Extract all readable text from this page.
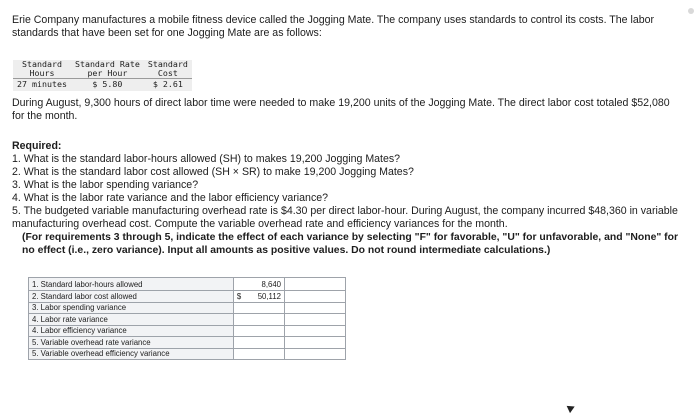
Erie Company manufactures a mobile fitness device called the Jogging Mate. The company uses standards to control its costs. The labor standards that have been set for one Jogging Mate are as follows:
Standard	Standard Rate	Standard
Hours	per Hour	Cost
27 minutes	$ 5.80	$ 2.61
During August, 9,300 hours of direct labor time were needed to make 19,200 units of the Jogging Mate. The direct labor cost totaled $52,080 for the month.
Required:
1. What is the standard labor-hours allowed (SH) to makes 19,200 Jogging Mates?
2. What is the standard labor cost allowed (SH × SR) to make 19,200 Jogging Mates?
3. What is the labor spending variance?
4. What is the labor rate variance and the labor efficiency variance?
5. The budgeted variable manufacturing overhead rate is $4.30 per direct labor-hour. During August, the company incurred $48,360 in variable manufacturing overhead cost. Compute the variable overhead rate and efficiency variances for the month.
(For requirements 3 through 5, indicate the effect of each variance by selecting "F" for favorable, "U" for unfavorable, and "None" for no effect (i.e., zero variance). Input all amounts as positive values. Do not round intermediate calculations.)
1. Standard labor-hours allowed		8,640	
2. Standard labor cost allowed	$	50,112	
3. Labor spending variance			
4. Labor rate variance			
4. Labor efficiency variance			
5. Variable overhead rate variance			
5. Variable overhead efficiency variance			
